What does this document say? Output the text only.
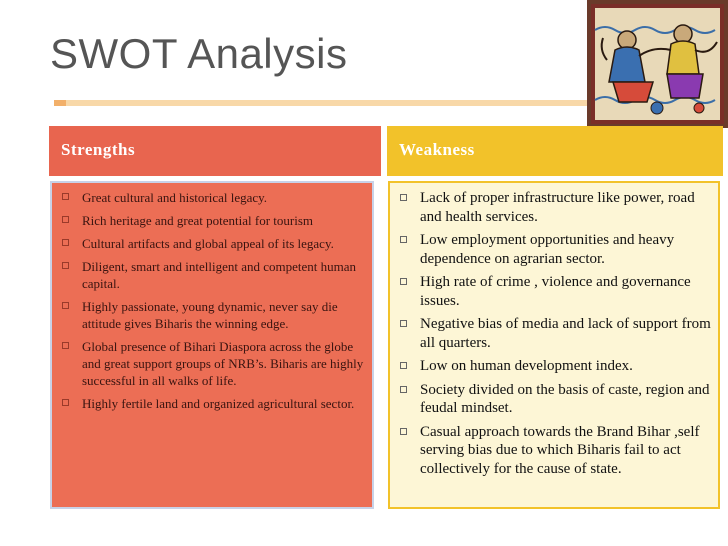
SWOT Analysis
Strengths	Weakness
Great cultural and historical legacy.
Rich heritage and great potential for tourism
Cultural artifacts and global appeal of its legacy.
Diligent, smart and intelligent and competent human capital.
Highly passionate, young dynamic, never say die attitude gives Biharis the winning edge.
Global presence of Bihari Diaspora across the globe and great support groups of NRB’s. Biharis are highly successful in all walks of life.
Highly fertile land and organized agricultural sector.
Lack of proper infrastructure like power, road and health services.
Low employment opportunities and heavy dependence on agrarian sector.
High rate of crime , violence and governance issues.
Negative bias of media and lack of support from all quarters.
Low on human development index.
Society divided on the basis of caste, region and feudal mindset.
Casual approach towards the Brand Bihar ,self serving bias due to which Biharis fail to act collectively for the cause of state.
